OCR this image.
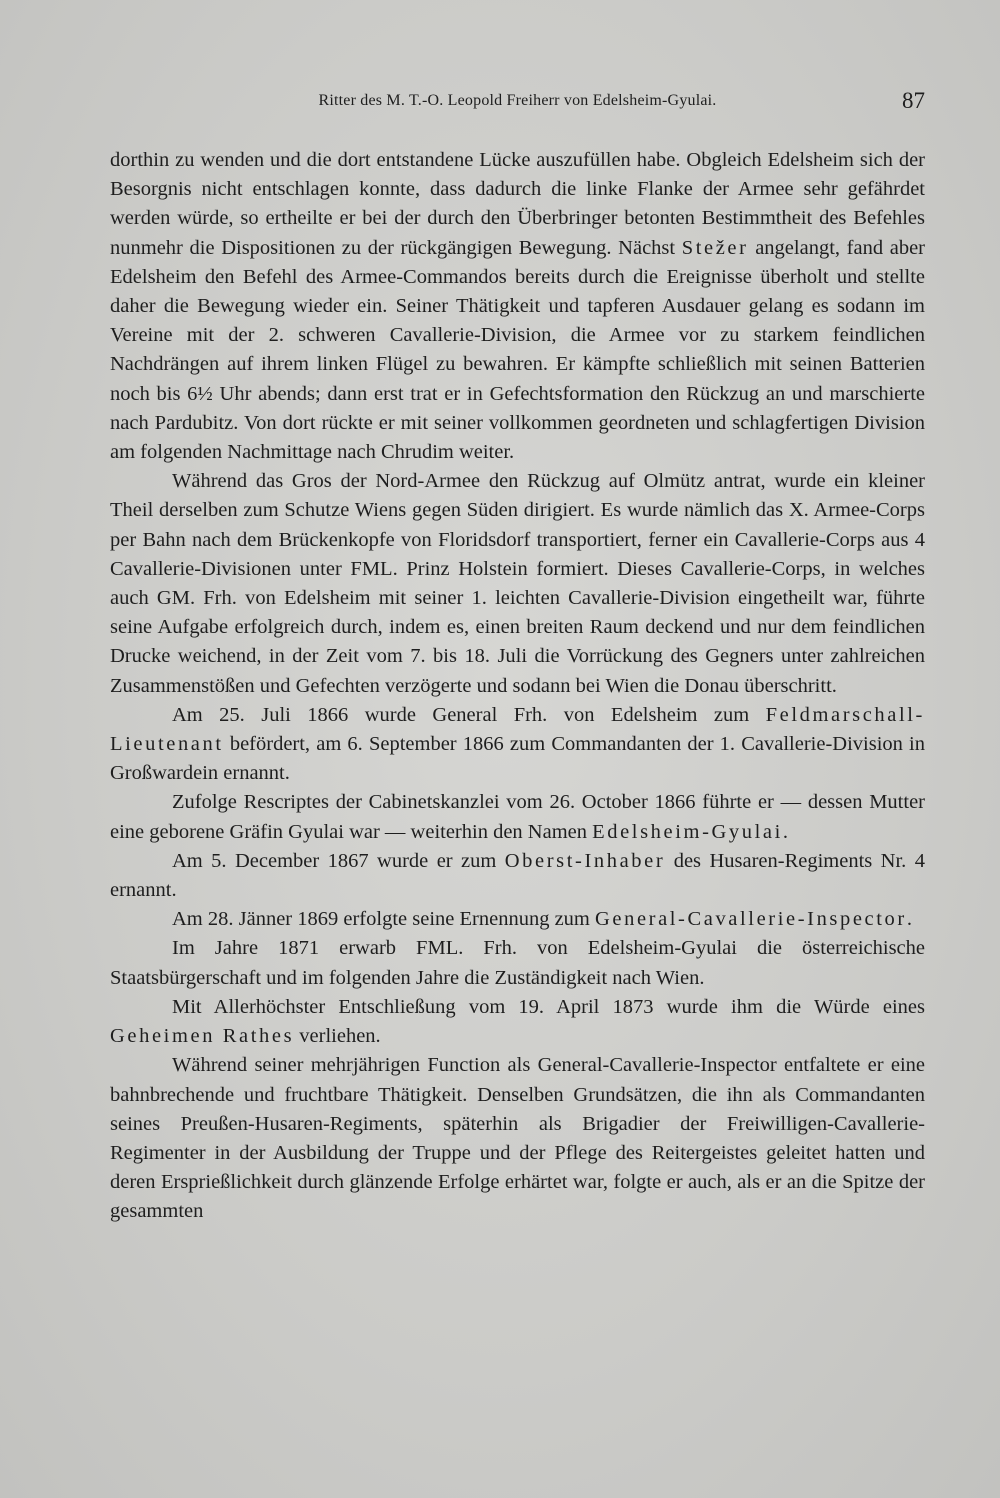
Ritter des M. T.-O. Leopold Freiherr von Edelsheim-Gyulai.	87

dorthin zu wenden und die dort entstandene Lücke auszufüllen habe. Obgleich Edelsheim sich der Besorgnis nicht entschlagen konnte, dass dadurch die linke Flanke der Armee sehr gefährdet werden würde, so ertheilte er bei der durch den Überbringer betonten Bestimmtheit des Befehles nunmehr die Dispositionen zu der rückgängigen Bewegung. Nächst Stežer angelangt, fand aber Edelsheim den Befehl des Armee-Commandos bereits durch die Ereignisse überholt und stellte daher die Bewegung wieder ein. Seiner Thätigkeit und tapferen Ausdauer gelang es sodann im Vereine mit der 2. schweren Cavallerie-Division, die Armee vor zu starkem feindlichen Nachdrängen auf ihrem linken Flügel zu bewahren. Er kämpfte schließlich mit seinen Batterien noch bis 6½ Uhr abends; dann erst trat er in Gefechtsformation den Rückzug an und marschierte nach Pardubitz. Von dort rückte er mit seiner vollkommen geordneten und schlagfertigen Division am folgenden Nachmittage nach Chrudim weiter.

Während das Gros der Nord-Armee den Rückzug auf Olmütz antrat, wurde ein kleiner Theil derselben zum Schutze Wiens gegen Süden dirigiert. Es wurde nämlich das X. Armee-Corps per Bahn nach dem Brückenkopfe von Floridsdorf transportiert, ferner ein Cavallerie-Corps aus 4 Cavallerie-Divisionen unter FML. Prinz Holstein formiert. Dieses Cavallerie-Corps, in welches auch GM. Frh. von Edelsheim mit seiner 1. leichten Cavallerie-Division eingetheilt war, führte seine Aufgabe erfolgreich durch, indem es, einen breiten Raum deckend und nur dem feindlichen Drucke weichend, in der Zeit vom 7. bis 18. Juli die Vorrückung des Gegners unter zahlreichen Zusammenstößen und Gefechten verzögerte und sodann bei Wien die Donau überschritt.

Am 25. Juli 1866 wurde General Frh. von Edelsheim zum Feldmarschall-Lieutenant befördert, am 6. September 1866 zum Commandanten der 1. Cavallerie-Division in Großwardein ernannt.

Zufolge Rescriptes der Cabinetskanzlei vom 26. October 1866 führte er — dessen Mutter eine geborene Gräfin Gyulai war — weiterhin den Namen Edelsheim-Gyulai.

Am 5. December 1867 wurde er zum Oberst-Inhaber des Husaren-Regiments Nr. 4 ernannt.

Am 28. Jänner 1869 erfolgte seine Ernennung zum General-Cavallerie-Inspector.

Im Jahre 1871 erwarb FML. Frh. von Edelsheim-Gyulai die österreichische Staatsbürgerschaft und im folgenden Jahre die Zuständigkeit nach Wien.

Mit Allerhöchster Entschließung vom 19. April 1873 wurde ihm die Würde eines Geheimen Rathes verliehen.

Während seiner mehrjährigen Function als General-Cavallerie-Inspector entfaltete er eine bahnbrechende und fruchtbare Thätigkeit. Denselben Grundsätzen, die ihn als Commandanten seines Preußen-Husaren-Regiments, späterhin als Brigadier der Freiwilligen-Cavallerie-Regimenter in der Ausbildung der Truppe und der Pflege des Reitergeistes geleitet hatten und deren Ersprießlichkeit durch glänzende Erfolge erhärtet war, folgte er auch, als er an die Spitze der gesammten
